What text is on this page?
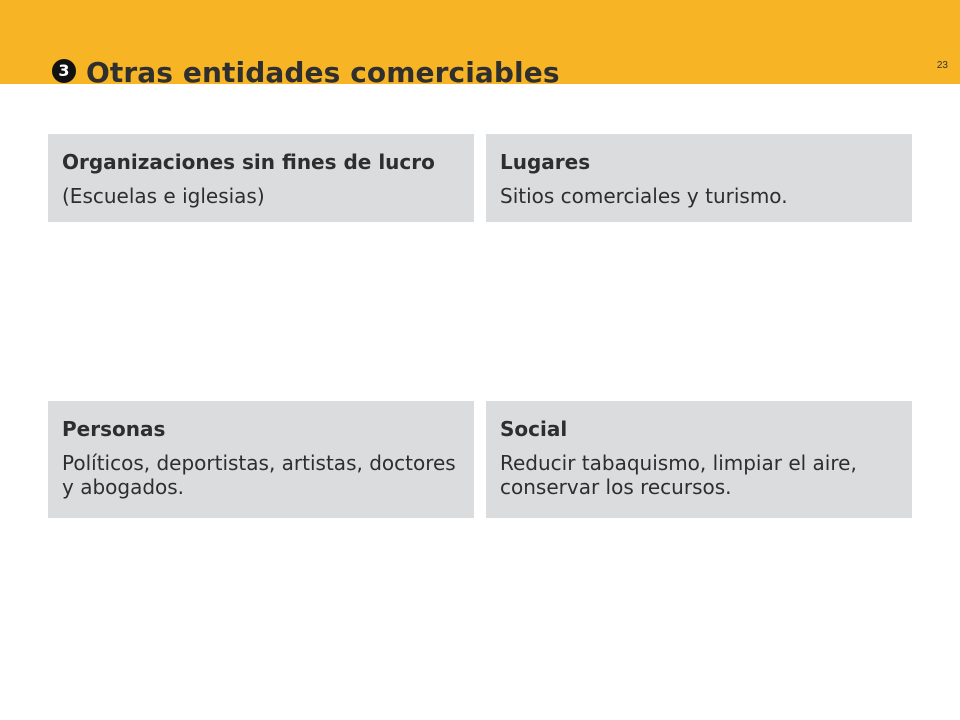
3 Otras entidades comerciables	23
Organizaciones sin fines de lucro
(Escuelas e iglesias)
Lugares
Sitios comerciales y turismo.
Personas
Políticos, deportistas, artistas, doctores y abogados.
Social
Reducir tabaquismo, limpiar el aire,  conservar los recursos.
